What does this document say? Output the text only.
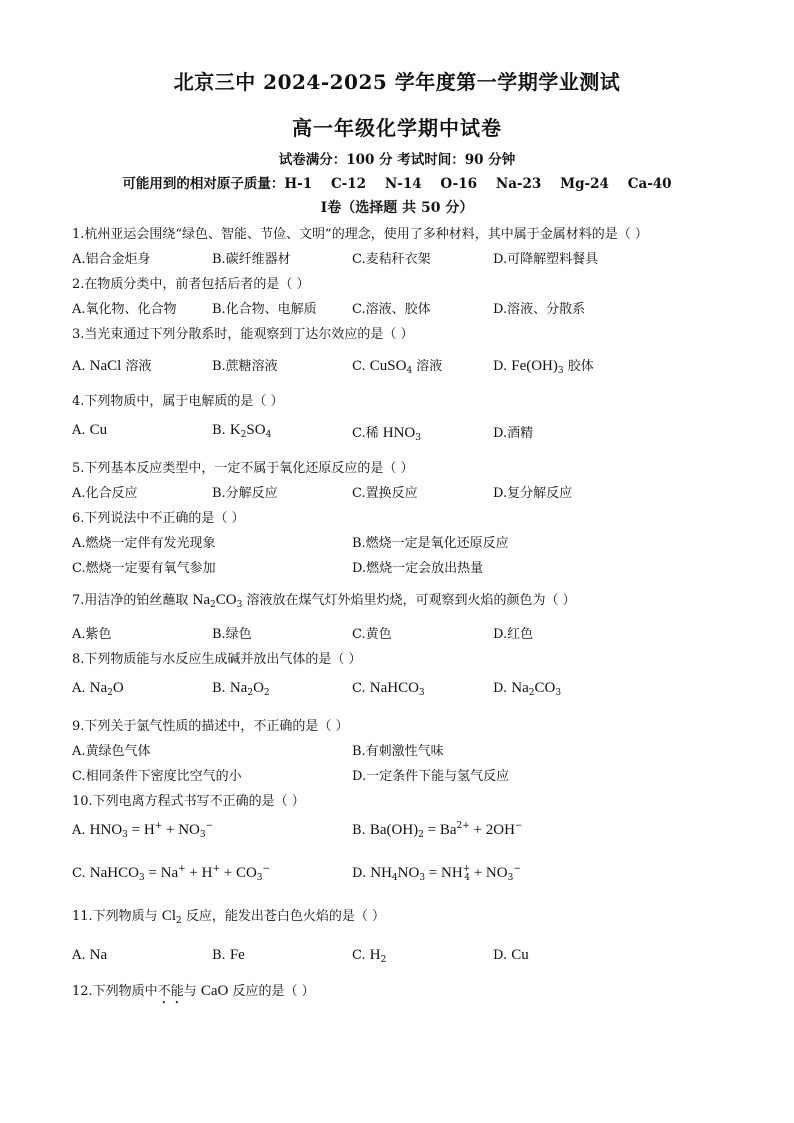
北京三中 2024-2025 学年度第一学期学业测试
高一年级化学期中试卷
试卷满分：100 分 考试时间：90 分钟
可能用到的相对原子质量：H-1    C-12    N-14    O-16    Na-23    Mg-24    Ca-40
Ⅰ卷（选择题 共 50 分）
1.杭州亚运会围绕“绿色、智能、节俭、文明”的理念，使用了多种材料，其中属于金属材料的是（ ）
A.铝合金炬身	B.碳纤维器材	C.麦秸秆衣架	D.可降解塑料餐具
2.在物质分类中，前者包括后者的是（ ）
A.氧化物、化合物	B.化合物、电解质	C.溶液、胶体	D.溶液、分散系
3.当光束通过下列分散系时，能观察到丁达尔效应的是（ ）
A. NaCl 溶液	B.蔗糖溶液	C. CuSO$_4$ 溶液	D. $Fe(OH)_3$ 胶体
4.下列物质中，属于电解质的是（ ）
A. Cu	B. $K_2SO_4$	C.稀 $HNO_3$	D.酒精
5.下列基本反应类型中，一定不属于氧化还原反应的是（ ）
A.化合反应	B.分解反应	C.置换反应	D.复分解反应
6.下列说法中不正确的是（ ）
A.燃烧一定伴有发光现象	B.燃烧一定是氧化还原反应
C.燃烧一定要有氧气参加	D.燃烧一定会放出热量
7.用洁净的铂丝蘸取 $Na_2CO_3$ 溶液放在煤气灯外焰里灼烧，可观察到火焰的颜色为（ ）
A.紫色	B.绿色	C.黄色	D.红色
8.下列物质能与水反应生成碱并放出气体的是（ ）
A. $Na_2O$	B. $Na_2O_2$	C. NaHCO$_3$	D. $Na_2CO_3$
9.下列关于氯气性质的描述中，不正确的是（ ）
A.黄绿色气体	B.有刺激性气味
C.相同条件下密度比空气的小	D.一定条件下能与氢气反应
10.下列电离方程式书写不正确的是（ ）
A. $HNO_3 = H^+ + NO_3^-$	B. $Ba(OH)_2 = Ba^{2+} + 2OH^-$
C. NaHCO$_3$ = $Na^+ + H^+ + CO_3^-$	D. $NH_4NO_3 = NH^+_4 + NO_3^-$
11.下列物质与 $Cl_2$ 反应，能发出苍白色火焰的是（ ）
A. Na	B. Fe	C. $H_2$	D. Cu
12.下列物质中不能与 CaO 反应的是（ ）
